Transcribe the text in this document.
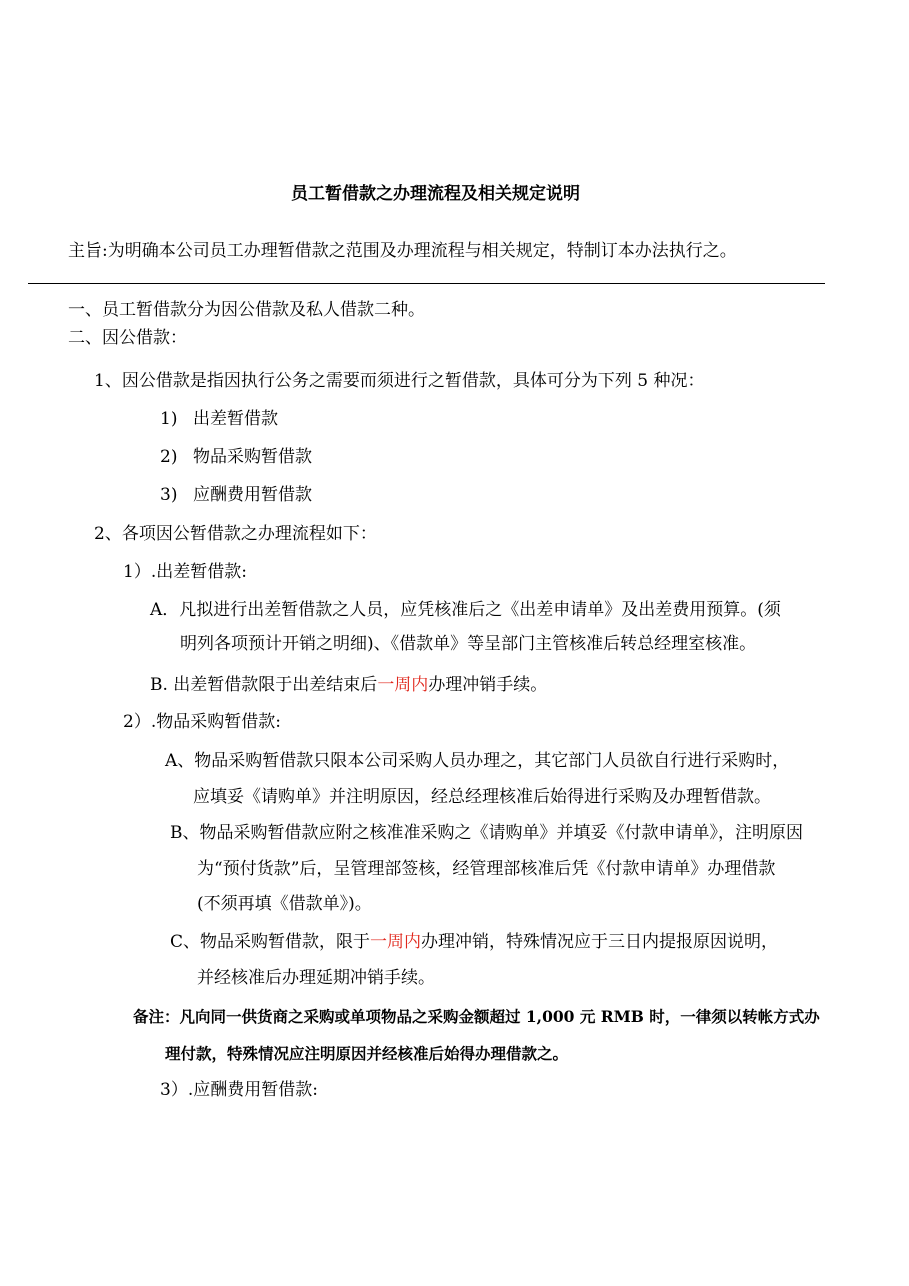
员工暂借款之办理流程及相关规定说明
主旨:为明确本公司员工办理暂借款之范围及办理流程与相关规定，特制订本办法执行之。
一、员工暂借款分为因公借款及私人借款二种。
二、因公借款：
1、因公借款是指因执行公务之需要而须进行之暂借款，具体可分为下列 5 种况：
1) 出差暂借款
2) 物品采购暂借款
3) 应酬费用暂借款
2、各项因公暂借款之办理流程如下：
1）.出差暂借款:
A．凡拟进行出差暂借款之人员，应凭核准后之《出差申请单》及出差费用预算。(须
明列各项预计开销之明细)、《借款单》等呈部门主管核准后转总经理室核准。
B. 出差暂借款限于出差结束后一周内办理冲销手续。
2）.物品采购暂借款:
A、物品采购暂借款只限本公司采购人员办理之，其它部门人员欲自行进行采购时，
应填妥《请购单》并注明原因，经总经理核准后始得进行采购及办理暂借款。
B、物品采购暂借款应附之核准准采购之《请购单》并填妥《付款申请单》，注明原因
为“预付货款”后，呈管理部签核，经管理部核准后凭《付款申请单》办理借款
(不须再填《借款单》)。
C、物品采购暂借款，限于一周内办理冲销，特殊情况应于三日内提报原因说明，
并经核准后办理延期冲销手续。
备注：凡向同一供货商之采购或单项物品之采购金额超过 1,000 元 RMB 时，一律须以转帐方式办
理付款，特殊情况应注明原因并经核准后始得办理借款之。
3）.应酬费用暂借款:
